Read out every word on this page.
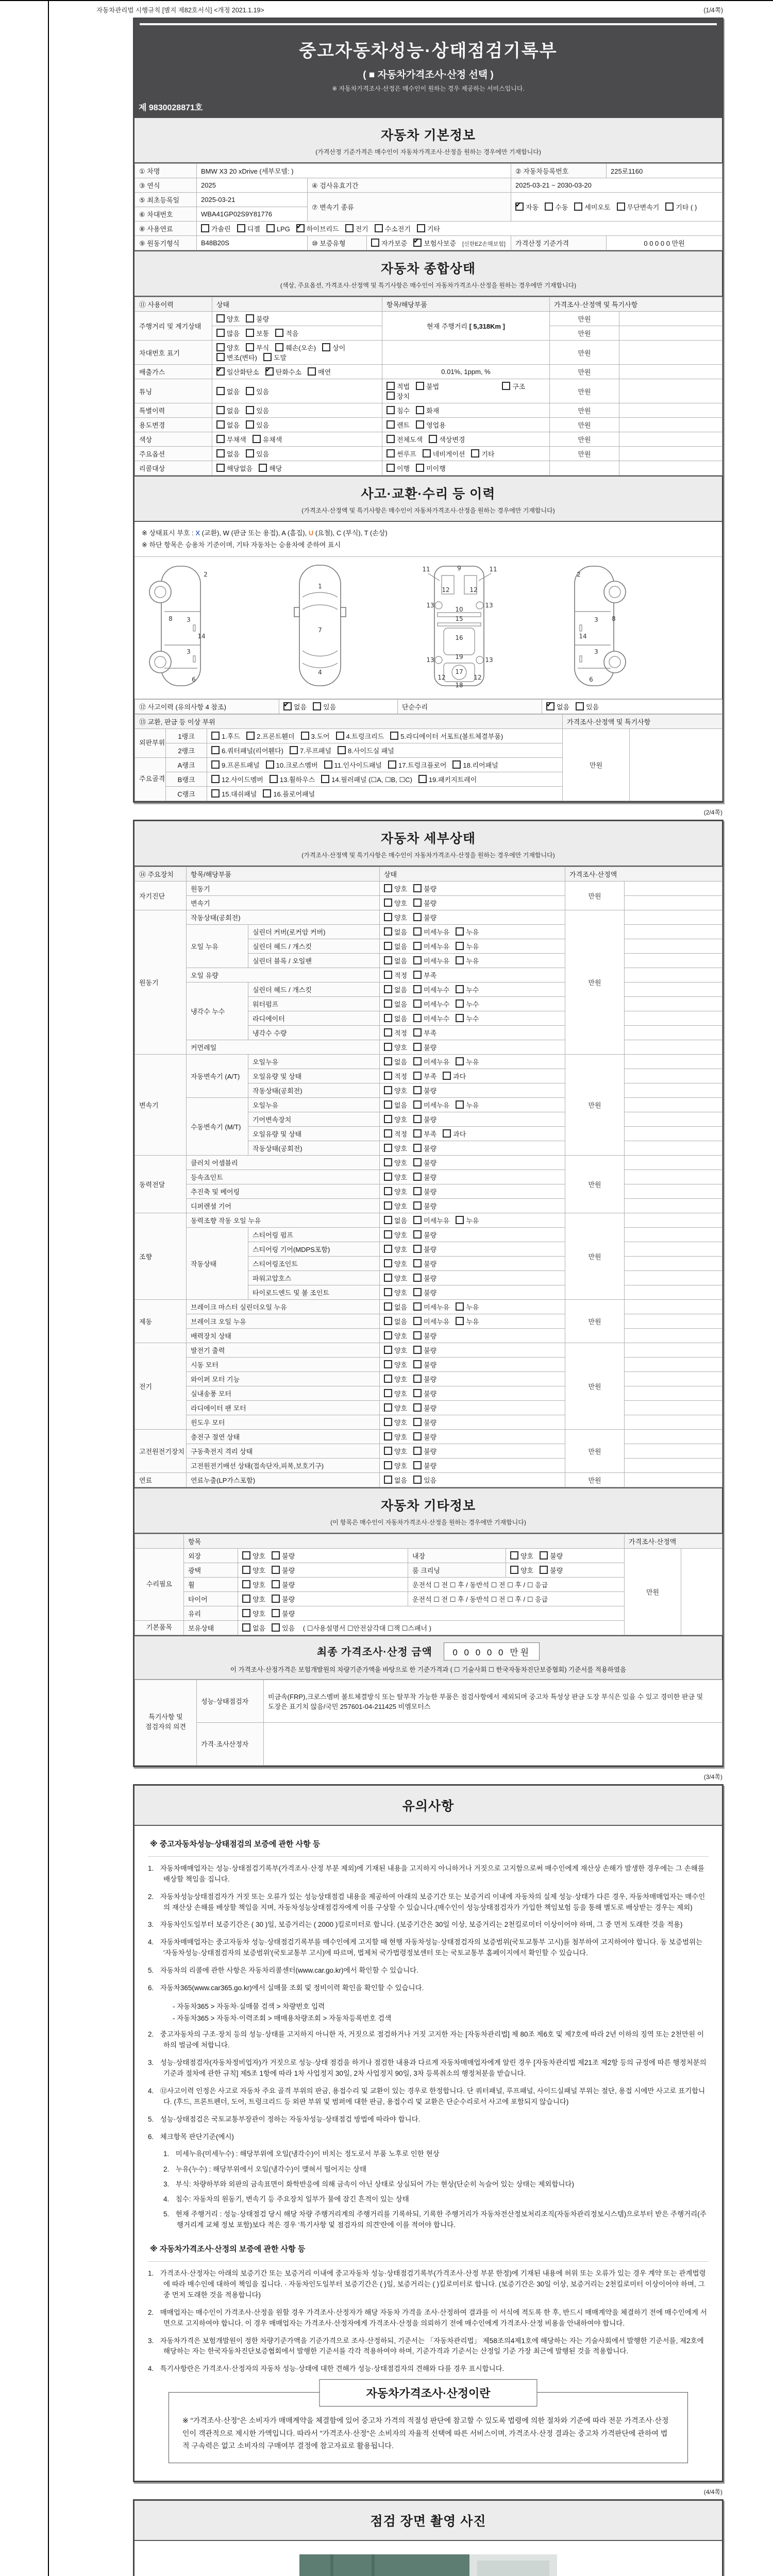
자동차관리법 시행규칙 [별지 제82호서식] <개정 2021.1.19>	(1/4쪽)
중고자동차성능·상태점검기록부
( ■ 자동차가격조사·산정 선택 )
※ 자동차가격조사·산정은 매수인이 원하는 경우 제공하는 서비스입니다.
제 9830028871호
자동차 기본정보
(가격산정 기준가격은 매수인이 자동차가격조사·산정을 원하는 경우에만 기재합니다)
① 차명	BMW X3 20 xDrive (세부모델: )			② 자동차등록번호	225로1160
③ 연식	2025	④ 검사유효기간		2025-03-21 ~ 2030-03-20	
⑤ 최초등록일	2025-03-21	⑦ 변속기 종류	✔자동 수동 세미오토 무단변속기 기타 ( )
⑥ 차대번호	WBA41GP02S9Y81776				
⑧ 사용연료	가솔린 디젤 LPG ✔ 하이브리드 전기 수소전기 기타
⑨ 원동기형식	B48B20S	⑩ 보증유형	자가보증 ✔ 보험사보증 [신한EZ손해보험]	가격산정 기준가격	0 0 0 0 0 만원
자동차 종합상태
(색상, 주요옵션, 가격조사·산정액 및 특기사항은 매수인이 자동차가격조사·산정을 원하는 경우에만 기재합니다)
⑪ 사용이력	상태	항목/해당부품	가격조사·산정액 및 특기사항	
주행거리 및 계기상태	양호 불량	현재 주행거리 [ 5,318Km ]	만원	
	많음 보통 적음		만원	
차대번호 표기	양호 부식 훼손(오손) 상이변조(변타) 도말		만원	
배출가스	✔일산화탄소 ✔ 탄화수소 매연	0.01%, 1ppm, %	만원	
튜닝	없음 있음	적법 불법 구조장치	만원	
특별이력	없음 있음	침수 화재	만원	
용도변경	없음 있음	렌트 영업용	만원	
색상	무채색 유채색	전체도색 색상변경	만원	
주요옵션	없음 있음	썬루프 네비게이션 기타	만원	
리콜대상	해당없음 해당	이행 미이행		
사고·교환·수리 등 이력
(가격조사·산정액 및 특기사항은 매수인이 자동차가격조사·산정을 원하는 경우에만 기재합니다)
※ 상태표시 부호 : X (교환), W (판금 또는 용접), A (흠집), U (요철), C (부식), T (손상)
※ 하단 항목은 승용차 기준이며, 기타 자동차는 승용차에 준하여 표시
2
8 3
14
3
6
1
7
4
11	9	11
12	12
13	13
10
15
16
13	13
19
12	12
17
18
2
3 8
14
3
6
⑫ 사고이력 (유의사항 4 참조)	✔없음 있음	단순수리	✔없음 있음
⑬ 교환, 판금 등 이상 부위			가격조사·산정액 및 특기사항	
외판부위	1랭크	1.후드 2.프론트휀더 3.도어 4.트렁크리드 5.라디에이터 서포트(볼트체결부품)	만원	
	2랭크	6.쿼터패널(리어휀다) 7.루프패널 8.사이드실 패널		
주요골격	A랭크	9.프론트패널 10.크로스멤버 11.인사이드패널 17.트렁크플로어 18.리어패널		
	B랭크	12.사이드멤버 13.휠하우스 14.필러패널 (☐A, ☐B, ☐C) 19.패키지트레이		
	C랭크	15.대쉬패널 16.플로어패널		
(2/4쪽)
자동차 세부상태
(가격조사·산정액 및 특기사항은 매수인이 자동차가격조사·산정을 원하는 경우에만 기재합니다)
⑭ 주요장치	항목/해당부품		상태	가격조사·산정액	
자기진단	원동기		양호 불량	만원	
	변속기		양호 불량		
원동기	작동상태(공회전)		양호 불량	만원	
	오일 누유	실린더 커버(로커암 커버)	없음 미세누유 누유		
		실린더 헤드 / 개스킷	없음 미세누유 누유		
		실린더 블록 / 오일팬	없음 미세누유 누유		
	오일 유량		적정 부족		
	냉각수 누수	실린더 헤드 / 개스킷	없음 미세누수 누수		
		워터펌프	없음 미세누수 누수		
		라디에이터	없음 미세누수 누수		
		냉각수 수량	적정 부족		
	커먼레일		양호 불량		
변속기	자동변속기 (A/T)	오일누유	없음 미세누유 누유	만원	
		오일유량 및 상태	적정 부족 과다		
		작동상태(공회전)	양호 불량		
	수동변속기 (M/T)	오일누유	없음 미세누유 누유		
		기어변속장치	양호 불량		
		오일유량 및 상태	적정 부족 과다		
		작동상태(공회전)	양호 불량		
동력전달	클러치 어셈블리		양호 불량	만원	
	등속죠인트		양호 불량		
	추진축 및 베어링		양호 불량		
	디퍼렌셜 기어		양호 불량		
조향	동력조향 작동 오일 누유		없음 미세누유 누유	만원	
	작동상태	스티어링 펌프	양호 불량		
		스티어링 기어(MDPS포함)	양호 불량		
		스티어링조인트	양호 불량		
		파워고압호스	양호 불량		
		타이로드엔드 및 볼 조인트	양호 불량		
제동	브레이크 마스터 실린더오일 누유		없음 미세누유 누유	만원	
	브레이크 오일 누유		없음 미세누유 누유		
	배력장치 상태		양호 불량		
전기	발전기 출력		양호 불량	만원	
	시동 모터		양호 불량		
	와이퍼 모터 기능		양호 불량		
	실내송풍 모터		양호 불량		
	라디에이터 팬 모터		양호 불량		
	윈도우 모터		양호 불량		
고전원전기장치	충전구 절연 상태		양호 불량	만원	
	구동축전지 격리 상태		양호 불량		
	고전원전기배선 상태(접속단자,피복,보호기구)		양호 불량		
연료	연료누출(LP가스포함)		없음 있음	만원	
자동차 기타정보
(이 항목은 매수인이 자동차가격조사·산정을 원하는 경우에만 기재합니다)
	항목				가격조사·산정액	
수리필요	외장	양호 불량	내장	양호 불량	만원	
	광택	양호 불량	룸 크리닝	양호 불량		
	휠	양호 불량	운전석 ☐ 전 ☐ 후 / 동반석 ☐ 전 ☐ 후 / ☐ 응급			
	타이어	양호 불량	운전석 ☐ 전 ☐ 후 / 동반석 ☐ 전 ☐ 후 / ☐ 응급			
	유리	양호 불량				
기본품목	보유상태	없음 있음 ( ☐사용설명서 ☐안전삼각대 ☐잭 ☐스패너 )				
최종 가격조사·산정 금액 0 0 0 0 0 만원
이 가격조사·산정가격은 보험개발원의 차량기준가액을 바탕으로 한 기준가격과 ( ☐ 기술사회 ☐ 한국자동차진단보증협회) 기준서를 적용하였음
특기사항 및 점검자의 의견	성능·상태점검자	비금속(FRP),크로스멤버 볼트체결방식 또는 탈부착 가능한 부품은 점검사항에서 제외되며 중고차 특성상 판금 도장 부식은 있을 수 있고 경미한 판금 및 도장은 표기치 않음/국민 257601-04-211425 비엠모터스
	가격·조사산정자	
(3/4쪽)
유의사항
※ 중고자동차성능·상태점검의 보증에 관한 사항 등
1. 자동차매매업자는 성능·상태점검기록부(가격조사·산정 부분 제외)에 기재된 내용을 고지하지 아니하거나 거짓으로 고지함으로써 매수인에게 재산상 손해가 발생한 경우에는 그 손해를 배상할 책임을 집니다.
2. 자동차성능상태점검자가 거짓 또는 오류가 있는 성능상태점검 내용을 제공하여 아래의 보증기간 또는 보증거리 이내에 자동차의 실제 성능·상태가 다른 경우, 자동차매매업자는 매수인의 재산상 손해를 배상할 책임을 지며, 자동차성능상태점검자에게 이를 구상할 수 있습니다.(매수인이 성능상태점검자가 가입한 책임보험 등을 통해 별도로 배상받는 경우는 제외)
3. 자동차인도일부터 보증기간은 ( 30 )일, 보증거리는 ( 2000 )킬로미터로 합니다. (보증기간은 30일 이상, 보증거리는 2천킬로미터 이상이어야 하며, 그 중 먼저 도래한 것을 적용)
4. 자동차매매업자는 중고자동차 성능·상태점검기록부를 매수인에게 고지할 때 현행 자동차성능·상태점검자의 보증범위(국토교통부 고시)를 첨부하여 고지하여야 합니다. 동 보증범위는 '자동차성능·상태점검자의 보증범위'(국토교통부 고시)에 따르며, 법제처 국가법령정보센터 또는 국토교통부 홈페이지에서 확인할 수 있습니다.
5. 자동차의 리콜에 관한 사항은 자동차리콜센터(www.car.go.kr)에서 확인할 수 있습니다.
6. 자동차365(www.car365.go.kr)에서 실매물 조회 및 정비이력 확인을 확인할 수 있습니다.
- 자동차365 > 자동차·실매물 검색 > 차량번호 입력
- 자동차365 > 자동차·이력조회 > 매매용차량조회 > 자동차등록번호 검색
2. 중고자동차의 구조·장치 등의 성능·상태를 고지하지 아니한 자, 거짓으로 점검하거나 거짓 고지한 자는 [자동차관리법] 제 80조 제6호 및 제7호에 따라 2년 이하의 징역 또는 2천만원 이하의 벌금에 처합니다.
3. 성능·상태점검자(자동차정비업자)가 거짓으로 성능·상태 점검을 하거나 점검한 내용과 다르게 자동차매매업자에게 알린 경우 [자동차관리법 제21조 제2항 등의 규정에 따른 행정처분의 기준과 절차에 관한 규칙] 제5조 1항에 따라 1차 사업정지 30일, 2차 사업정지 90일, 3차 등록취소의 행정처분을 받습니다.
4. ⑫사고이력 인정은 사고로 자동차 주요 골격 부위의 판금, 용접수리 및 교환이 있는 경우로 한정합니다. 단 쿼터패널, 루프패널, 사이드실패널 부위는 절단, 용접 시에만 사고로 표기합니다. (후드, 프론트펜더, 도어, 트렁크리드 등 외판 부위 및 범퍼에 대한 판금, 용접수리 및 교환은 단순수리로서 사고에 포함되지 않습니다)
5. 성능·상태점검은 국토교통부장관이 정하는 자동차성능·상태점검 방법에 따라야 합니다.
6. 체크항목 판단기준(예시)
1. 미세누유(미세누수) : 해당부위에 오일(냉각수)이 비치는 정도로서 부품 노후로 인한 현상
2. 누유(누수) : 해당부위에서 오일(냉각수)이 맺혀서 떨어지는 상태
3. 부식: 차량하부와 외판의 금속표면이 화학반응에 의해 금속이 아닌 상태로 상실되어 가는 현상(단순히 녹슬어 있는 상태는 제외합니다)
4. 침수: 자동차의 원동기, 변속기 등 주요장치 일부가 물에 잠긴 흔적이 있는 상태
5. 현재 주행거리 : 성능·상태점검 당시 해당 차량 주행거리계의 주행거리를 기록하되, 기록한 주행거리가 자동차전산정보처리조직(자동차관리정보시스템)으로부터 받은 주행거리(주행거리계 교체 정보 포함)보다 적은 경우 '특기사항 및 점검자의 의견'란에 이를 적어야 합니다.
※ 자동차가격조사·산정의 보증에 관한 사항 등
1. 가격조사·산정자는 아래의 보증기간 또는 보증거리 이내에 중고자동차 성능·상태점검기록부(가격조사·산정 부분 한정)에 기재된 내용에 허위 또는 오류가 있는 경우 계약 또는 관계법령에 따라 매수인에 대하여 책임을 집니다. · 자동차인도일부터 보증기간은 ( )일, 보증거리는 ( )킬로미터로 합니다. (보증기간은 30일 이상, 보증거리는 2천킬로미터 이상이어야 하며, 그 중 먼저 도래한 것을 적용합니다)
2. 매매업자는 매수인이 가격조사·산정을 원할 경우 가격조사·산정자가 해당 자동차 가격을 조사·산정하여 결과를 이 서식에 적도록 한 후, 반드시 매매계약을 체결하기 전에 매수인에게 서면으로 고지하여야 합니다. 이 경우 매매업자는 가격조사·산정자에게 가격조사·산정을 의뢰하기 전에 매수인에게 가격조사·산정 비용을 안내하여야 합니다.
3. 자동차가격은 보험개발원이 정한 차량기준가액을 기준가격으로 조사·산정하되, 기준서는 「자동차관리법」 제58조의4제1호에 해당하는 자는 기술사회에서 발행한 기준서를, 제2호에 해당하는 자는 한국자동차진단보증협회에서 발행한 기준서를 각각 적용하여야 하며, 기준가격과 기준서는 산정일 기준 가장 최근에 발행된 것을 적용합니다.
4. 특기사항란은 가격조사·산정자의 자동차 성능·상태에 대한 견해가 성능·상태점검자의 견해와 다를 경우 표시합니다.
자동차가격조사·산정이란
※ "가격조사·산정"은 소비자가 매매계약을 체결함에 있어 중고차 가격의 적절성 판단에 참고할 수 있도록 법령에 의한 절차와 기준에 따라 전문 가격조사·산정인이 객관적으로 제시한 가액입니다. 따라서 "가격조사·산정"은 소비자의 자율적 선택에 따른 서비스이며, 가격조사·산정 결과는 중고차 가격판단에 관하여 법적 구속력은 없고 소비자의 구매여부 결정에 참고자료로 활용됩니다.
(4/4쪽)
점검 장면 촬영 사진
